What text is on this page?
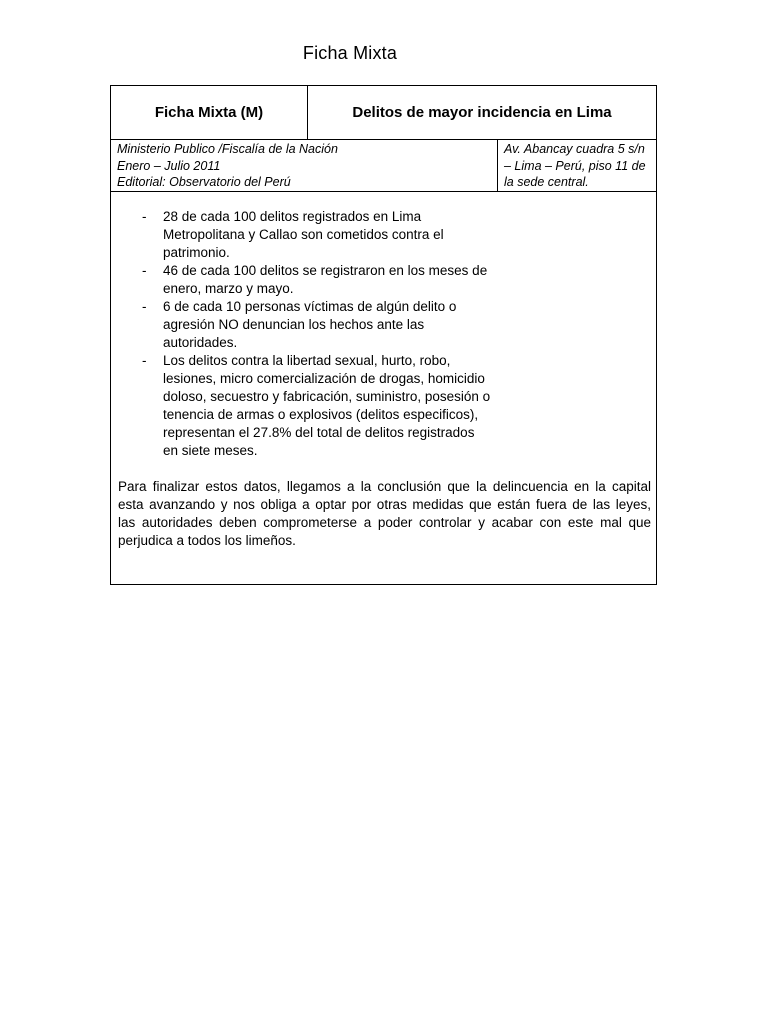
Ficha Mixta
Ficha Mixta (M)	Delitos de mayor incidencia en Lima
Ministerio Publico /Fiscalía de la Nación
Enero – Julio 2011
Editorial: Observatorio del Perú
Av. Abancay cuadra 5 s/n
– Lima – Perú, piso 11 de
la sede central.
- 28 de cada 100 delitos registrados en Lima
Metropolitana y Callao son cometidos contra el
patrimonio.
- 46 de cada 100 delitos se registraron en los meses de
enero, marzo y mayo.
- 6 de cada 10 personas víctimas de algún delito o
agresión NO denuncian los hechos ante las
autoridades.
- Los delitos contra la libertad sexual, hurto, robo,
lesiones, micro comercialización de drogas, homicidio
doloso, secuestro y fabricación, suministro, posesión o
tenencia de armas o explosivos (delitos especificos),
representan el 27.8% del total de delitos registrados
en siete meses.
Para finalizar estos datos, llegamos a la conclusión que la delincuencia en la capital
esta avanzando y nos obliga a optar por otras medidas que están fuera de las leyes,
las autoridades deben comprometerse a poder controlar y acabar con este mal que
perjudica a todos los limeños.
